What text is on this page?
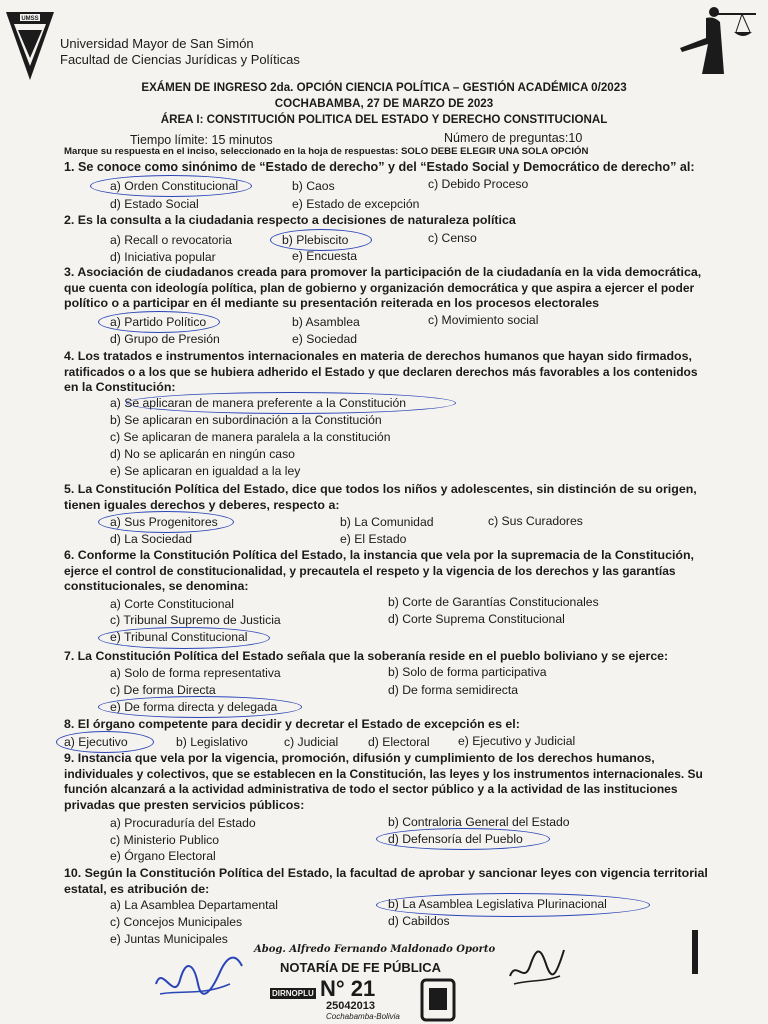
UMSS
Universidad Mayor de San Simón
Facultad de Ciencias Jurídicas y Políticas
EXÁMEN DE INGRESO 2da. OPCIÓN CIENCIA POLÍTICA – GESTIÓN ACADÉMICA 0/2023
COCHABAMBA, 27 DE MARZO DE 2023
ÁREA I: CONSTITUCIÓN POLITICA DEL ESTADO Y DERECHO CONSTITUCIONAL
Tiempo límite: 15 minutos	Número de preguntas:10
Marque su respuesta en el inciso, seleccionado en la hoja de respuestas: SOLO DEBE ELEGIR UNA SOLA OPCIÓN
1. Se conoce como sinónimo de “Estado de derecho” y del “Estado Social y Democrático de derecho” al:
a) Orden Constitucional	b) Caos	c) Debido Proceso
d) Estado Social	e) Estado de excepción
2. Es la consulta a la ciudadania respecto a decisiones de naturaleza política
a) Recall o revocatoria	b) Plebiscito	c) Censo
d) Iniciativa popular	e) Encuesta
3. Asociación de ciudadanos creada para promover la participación de la ciudadanía en la vida democrática,
que cuenta con ideología política, plan de gobierno y organización democrática y que aspira a ejercer el poder
político o a participar en él mediante su presentación reiterada en los procesos electorales
a) Partido Político	b) Asamblea	c) Movimiento social
d) Grupo de Presión	e) Sociedad
4. Los tratados e instrumentos internacionales en materia de derechos humanos que hayan sido firmados,
ratificados o a los que se hubiera adherido el Estado y que declaren derechos más favorables a los contenidos
en la Constitución:
a) Se aplicaran de manera preferente a la Constitución
b) Se aplicaran en subordinación a la Constitución
c) Se aplicaran de manera paralela a la constitución
d) No se aplicarán en ningún caso
e) Se aplicaran en igualdad a la ley
5. La Constitución Política del Estado, dice que todos los niños y adolescentes, sin distinción de su origen,
tienen iguales derechos y deberes, respecto a:
a) Sus Progenitores	b) La Comunidad	c) Sus Curadores
d) La Sociedad	e) El Estado
6. Conforme la Constitución Política del Estado, la instancia que vela por la supremacia de la Constitución,
ejerce el control de constitucionalidad, y precautela el respeto y la vigencia de los derechos y las garantías
constitucionales, se denomina:
a) Corte Constitucional	b) Corte de Garantías Constitucionales
c) Tribunal Supremo de Justicia	d) Corte Suprema Constitucional
e) Tribunal Constitucional
7. La Constitución Política del Estado señala que la soberanía reside en el pueblo boliviano y se ejerce:
a) Solo de forma representativa	b) Solo de forma participativa
c) De forma Directa	d) De forma semidirecta
e) De forma directa y delegada
8. El órgano competente para decidir y decretar el Estado de excepción es el:
a) Ejecutivo	b) Legislativo	c) Judicial d) Electoral e) Ejecutivo y Judicial
9. Instancia que vela por la vigencia, promoción, difusión y cumplimiento de los derechos humanos,
individuales y colectivos, que se establecen en la Constitución, las leyes y los instrumentos internacionales. Su
función alcanzará a la actividad administrativa de todo el sector público y a la actividad de las instituciones
privadas que presten servicios públicos:
a) Procuraduría del Estado	b) Contraloria General del Estado
c) Ministerio Publico	d) Defensoría del Pueblo
e) Órgano Electoral
10. Según la Constitución Política del Estado, la facultad de aprobar y sancionar leyes con vigencia territorial
estatal, es atribución de:
a) La Asamblea Departamental	b) La Asamblea Legislativa Plurinacional
c) Concejos Municipales	d) Cabildos
e) Juntas Municipales
Abog. Alfredo Fernando Maldonado Oporto
NOTARÍA DE FE PÚBLICA
N° 21
DIRNOPLU
25042013
Cochabamba-Bolivia
